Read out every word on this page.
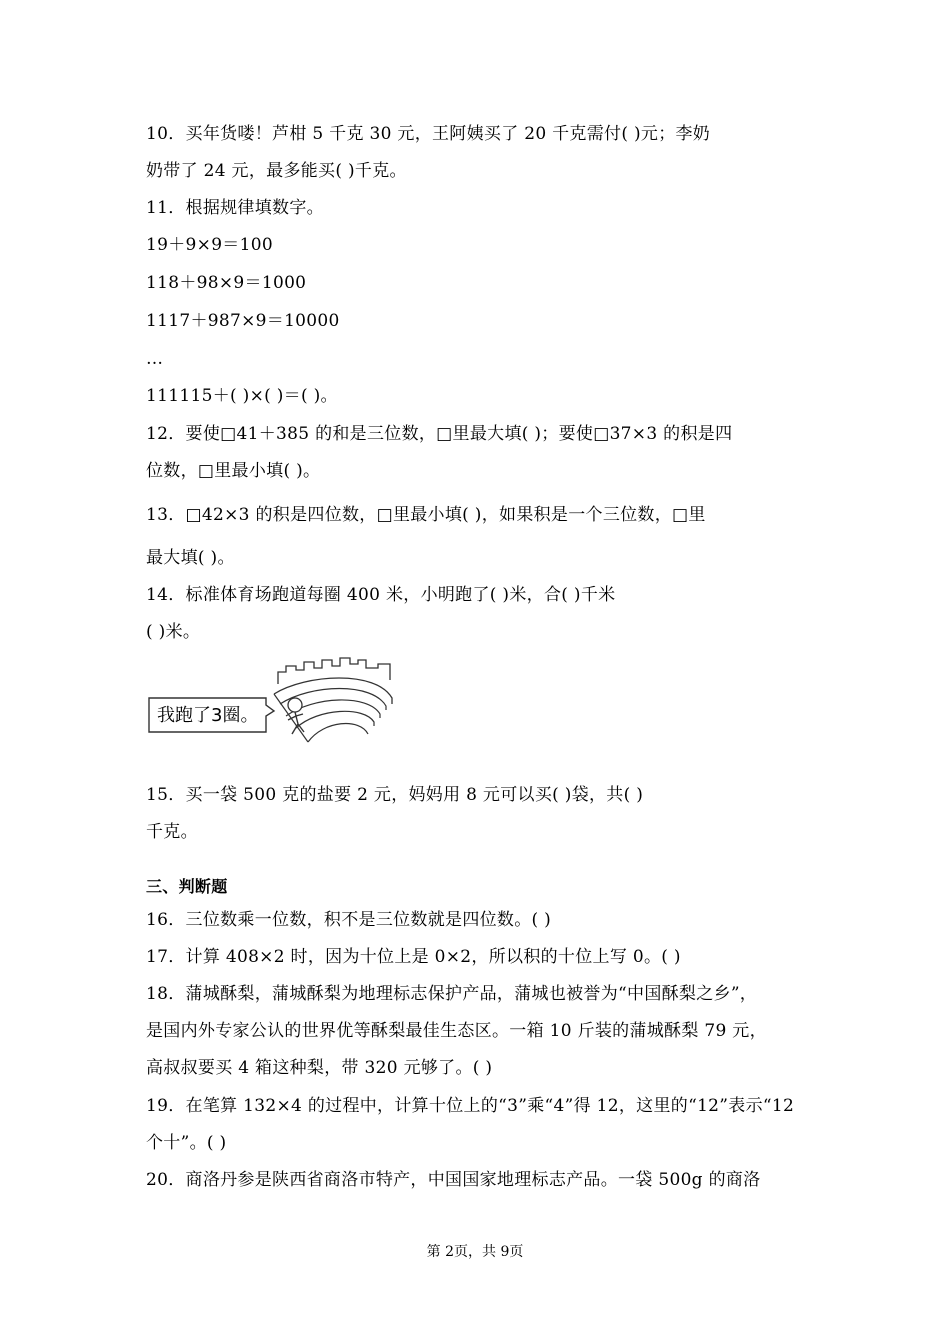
10．买年货喽！芦柑 5 千克 30 元，王阿姨买了 20 千克需付( )元；李奶
奶带了 24 元，最多能买( )千克。
11．根据规律填数字。
19＋9×9＝100
118＋98×9＝1000
1117＋987×9＝10000
…
111115＋( )×( )＝( )。
12．要使□41＋385 的和是三位数，□里最大填( )；要使□37×3 的积是四
位数，□里最小填( )。
13．□42×3 的积是四位数，□里最小填( )，如果积是一个三位数，□里
最大填( )。
14．标准体育场跑道每圈 400 米，小明跑了( )米，合( )千米
( )米。
我跑了3圈。
15．买一袋 500 克的盐要 2 元，妈妈用 8 元可以买( )袋，共( )
千克。
三、判断题
16．三位数乘一位数，积不是三位数就是四位数。( )
17．计算 408×2 时，因为十位上是 0×2，所以积的十位上写 0。( )
18．蒲城酥梨，蒲城酥梨为地理标志保护产品，蒲城也被誉为“中国酥梨之乡”，
是国内外专家公认的世界优等酥梨最佳生态区。一箱 10 斤装的蒲城酥梨 79 元，
高叔叔要买 4 箱这种梨，带 320 元够了。( )
19．在笔算 132×4 的过程中，计算十位上的“3”乘“4”得 12，这里的“12”表示“12
个十”。( )
20．商洛丹参是陕西省商洛市特产，中国国家地理标志产品。一袋 500g 的商洛
第 2页，共 9页
